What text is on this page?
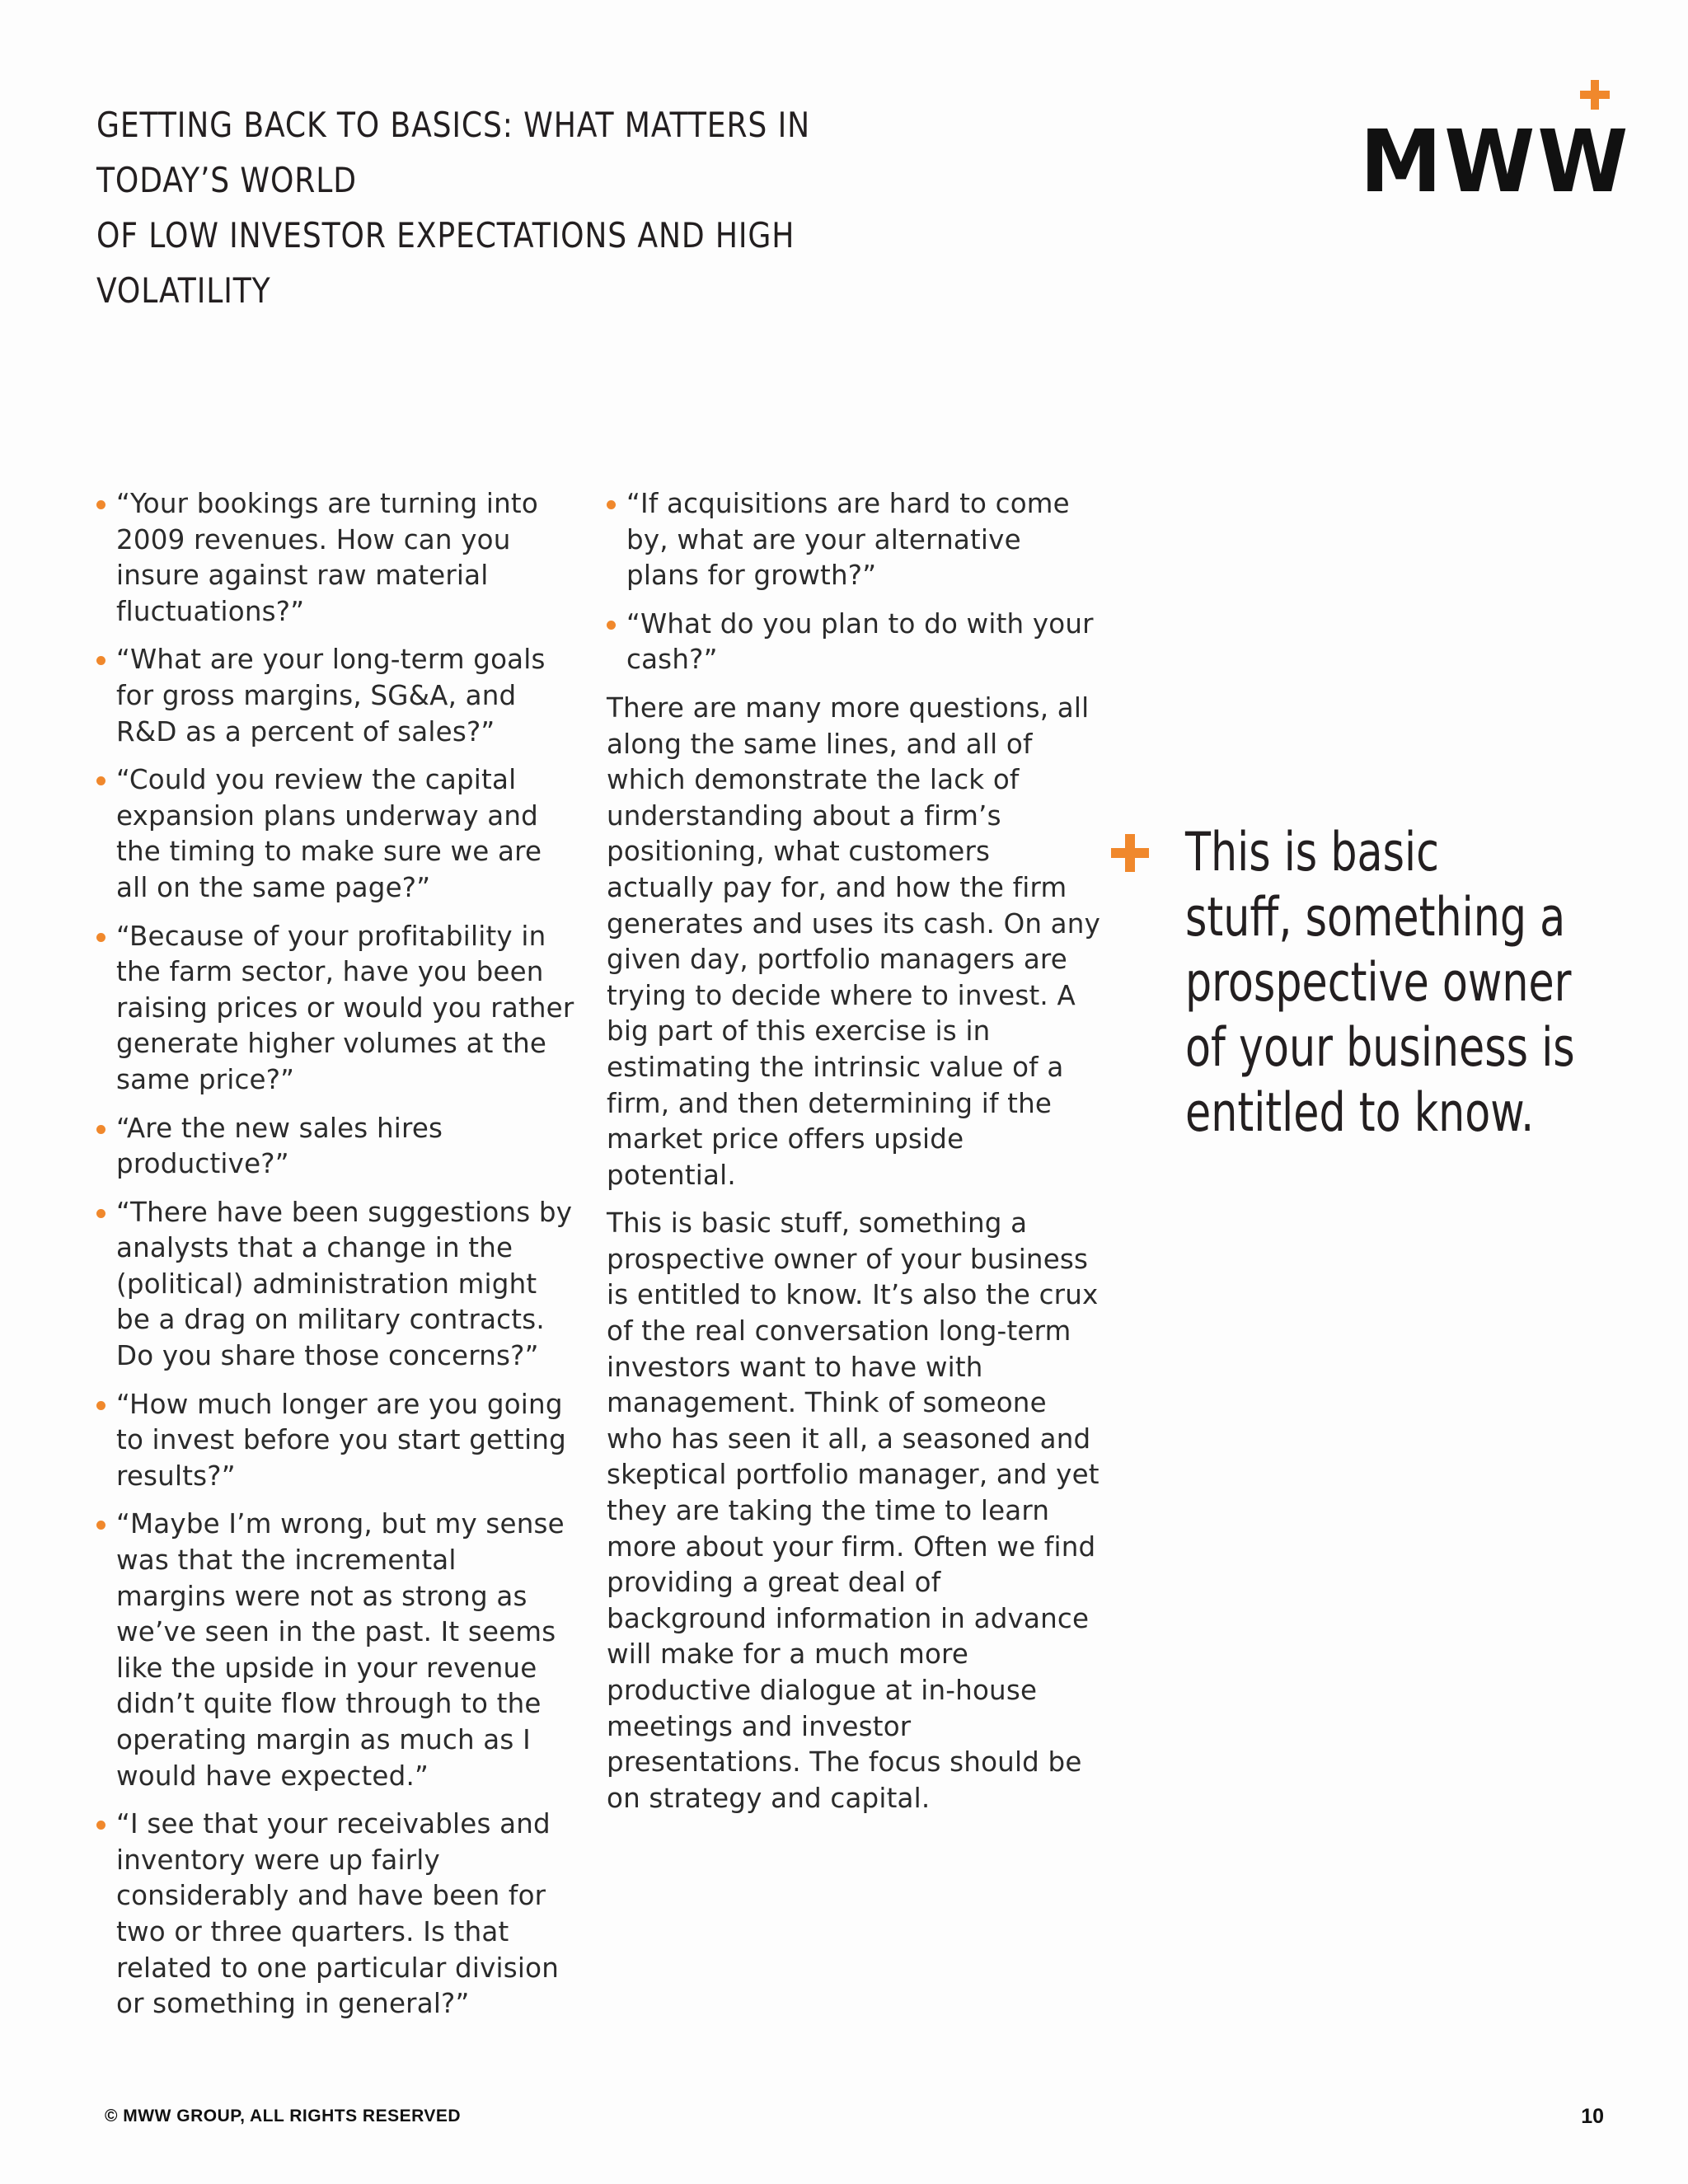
GETTING BACK TO BASICS: WHAT MATTERS IN TODAY’S WORLD
OF LOW INVESTOR EXPECTATIONS AND HIGH VOLATILITY
MWW
“Your bookings are turning into 2009 revenues. How can you insure against raw material fluctuations?”
“What are your long-term goals for gross margins, SG&A, and R&D as a percent of sales?”
“Could you review the capital expansion plans underway and the timing to make sure we are all on the same page?”
“Because of your profitability in the farm sector, have you been raising prices or would you rather generate higher volumes at the same price?”
“Are the new sales hires productive?”
“There have been suggestions by analysts that a change in the (political) administration might be a drag on military contracts. Do you share those concerns?”
“How much longer are you going to invest before you start getting results?”
“Maybe I’m wrong, but my sense was that the incremental margins were not as strong as we’ve seen in the past. It seems like the upside in your revenue didn’t quite flow through to the operating margin as much as I would have expected.”
“I see that your receivables and inventory were up fairly considerably and have been for two or three quarters. Is that related to one particular division or something in general?”
“If acquisitions are hard to come by, what are your alternative plans for growth?”
“What do you plan to do with your cash?”

There are many more questions, all along the same lines, and all of which demonstrate the lack of understanding about a firm’s positioning, what customers actually pay for, and how the firm generates and uses its cash. On any given day, portfolio managers are trying to decide where to invest. A big part of this exercise is in estimating the intrinsic value of a firm, and then determining if the market price offers upside potential.

This is basic stuff, something a prospective owner of your business is entitled to know. It’s also the crux of the real conversation long-term investors want to have with management. Think of someone who has seen it all, a seasoned and skeptical portfolio manager, and yet they are taking the time to learn more about your firm. Often we find providing a great deal of background information in advance will make for a much more productive dialogue at in-house meetings and investor presentations. The focus should be on strategy and capital.

This is basic
stuff, something a
prospective owner
of your business is
entitled to know.
© MWW GROUP, ALL RIGHTS RESERVED	10
